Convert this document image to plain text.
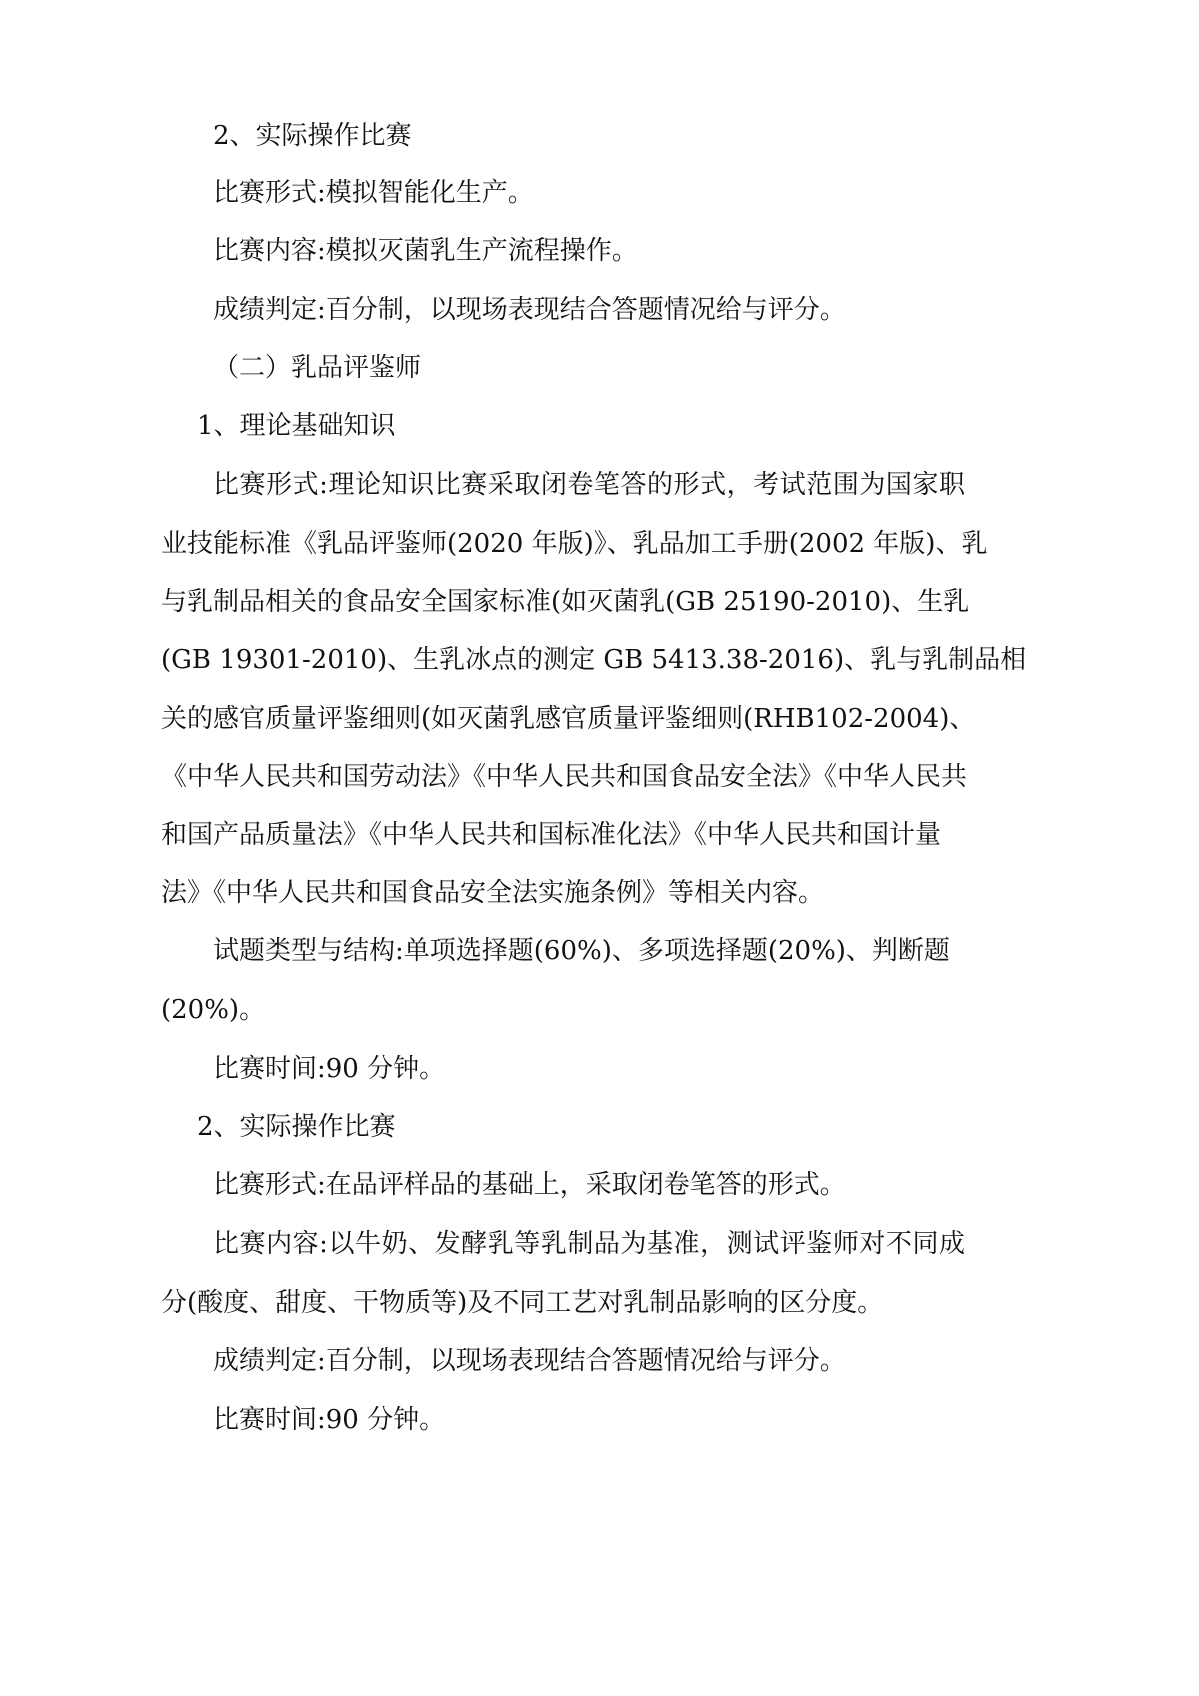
2、实际操作比赛

比赛形式:模拟智能化生产。

比赛内容:模拟灭菌乳生产流程操作。

成绩判定:百分制，以现场表现结合答题情况给与评分。

（二）乳品评鉴师

1、理论基础知识

比赛形式:理论知识比赛采取闭卷笔答的形式，考试范围为国家职

业技能标准《乳品评鉴师(2020 年版)》、乳品加工手册(2002 年版)、乳

与乳制品相关的食品安全国家标准(如灭菌乳(GB 25190-2010)、生乳

(GB 19301-2010)、生乳冰点的测定 GB 5413.38-2016)、乳与乳制品相

关的感官质量评鉴细则(如灭菌乳感官质量评鉴细则(RHB102-2004)、

《中华人民共和国劳动法》《中华人民共和国食品安全法》《中华人民共

和国产品质量法》《中华人民共和国标准化法》《中华人民共和国计量

法》《中华人民共和国食品安全法实施条例》等相关内容。

试题类型与结构:单项选择题(60%)、多项选择题(20%)、判断题

(20%)。

比赛时间:90 分钟。

2、实际操作比赛

比赛形式:在品评样品的基础上，采取闭卷笔答的形式。

比赛内容:以牛奶、发酵乳等乳制品为基准，测试评鉴师对不同成

分(酸度、甜度、干物质等)及不同工艺对乳制品影响的区分度。

成绩判定:百分制，以现场表现结合答题情况给与评分。

比赛时间:90 分钟。
